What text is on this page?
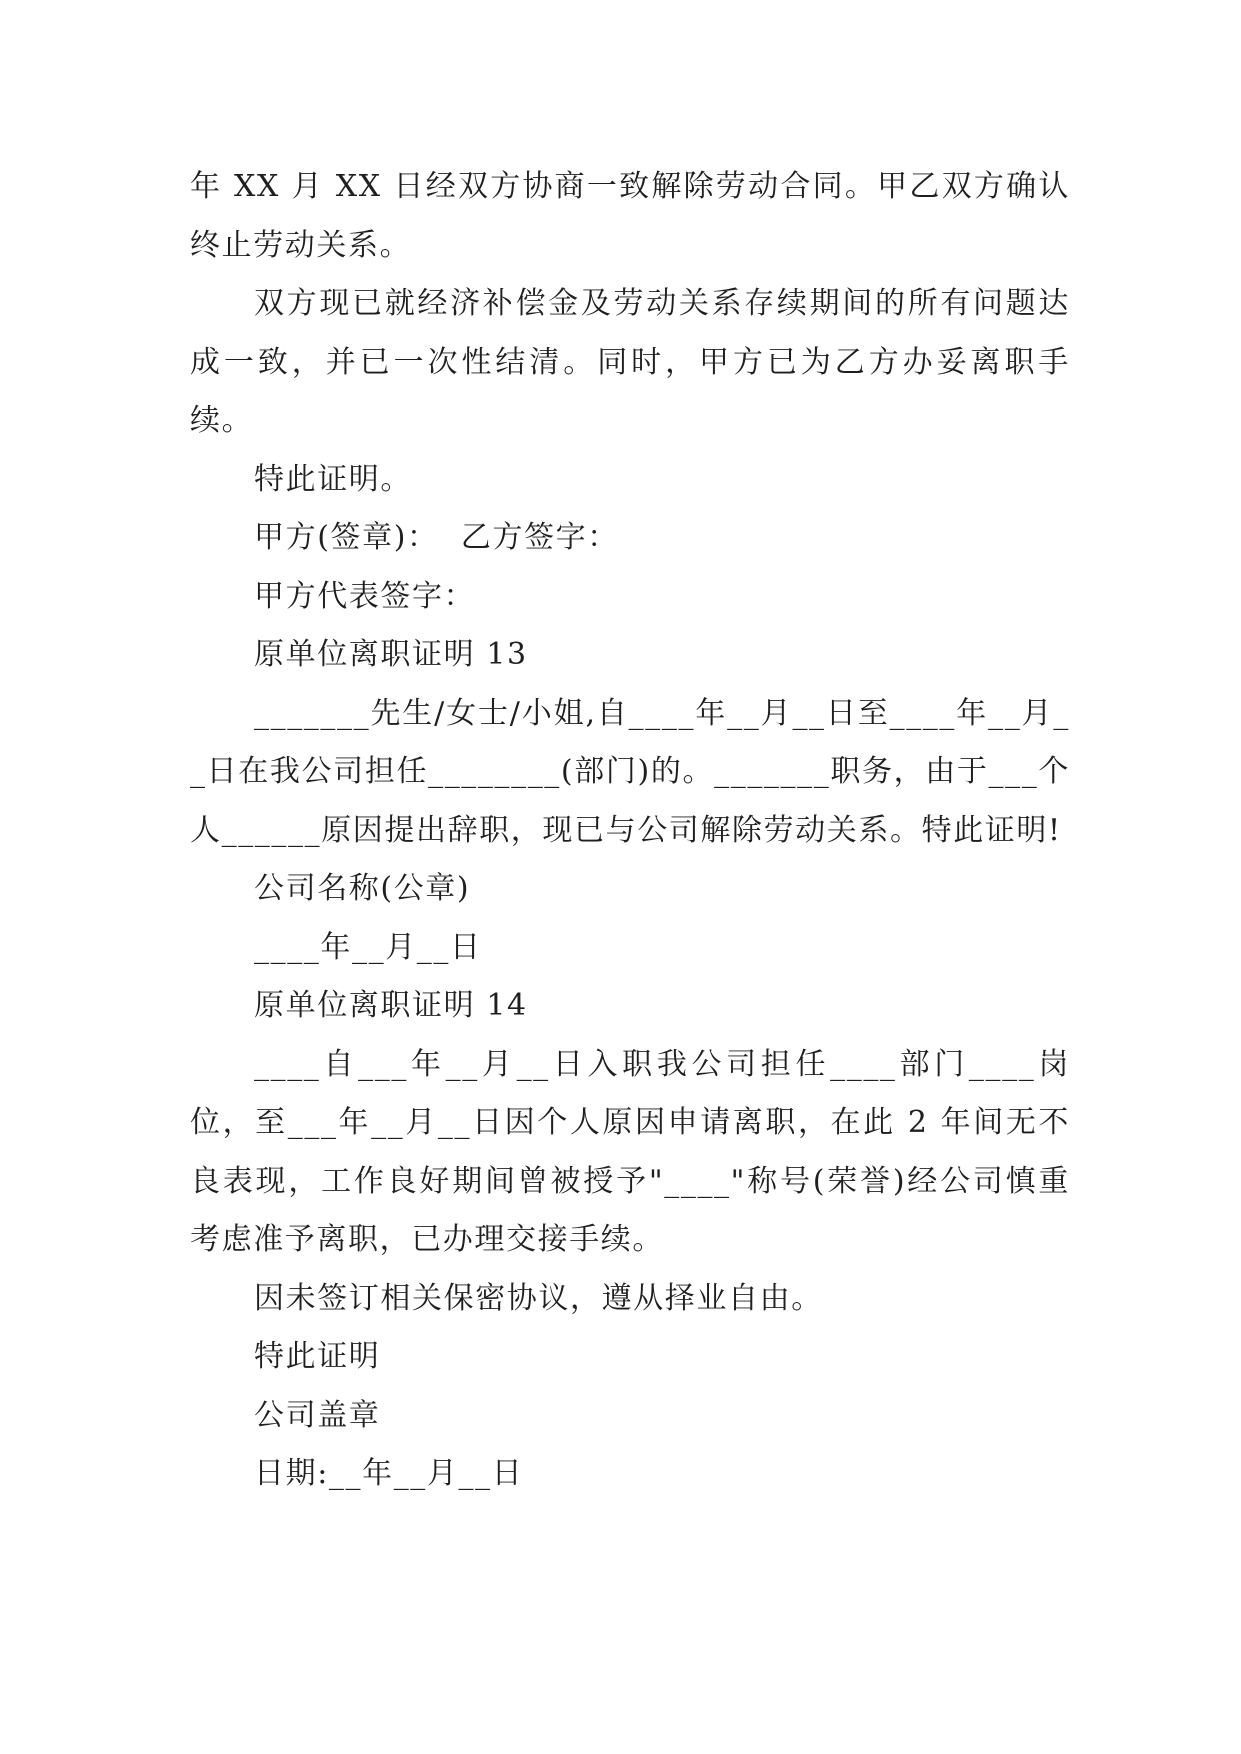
年 XX 月 XX 日经双方协商一致解除劳动合同。甲乙双方确认终止劳动关系。

双方现已就经济补偿金及劳动关系存续期间的所有问题达成一致，并已一次性结清。同时，甲方已为乙方办妥离职手续。

特此证明。

甲方(签章)：  乙方签字：

甲方代表签字：

原单位离职证明 13

_______先生/女士/小姐,自____年__月__日至____年__月__日在我公司担任________(部门)的。_______职务，由于___个人______原因提出辞职，现已与公司解除劳动关系。特此证明!

公司名称(公章)

____年__月__日

原单位离职证明 14

____自___年__月__日入职我公司担任____部门____岗位，至___年__月__日因个人原因申请离职，在此 2 年间无不良表现，工作良好期间曾被授予"____"称号(荣誉)经公司慎重考虑准予离职，已办理交接手续。

因未签订相关保密协议，遵从择业自由。

特此证明

公司盖章

日期:__年__月__日
